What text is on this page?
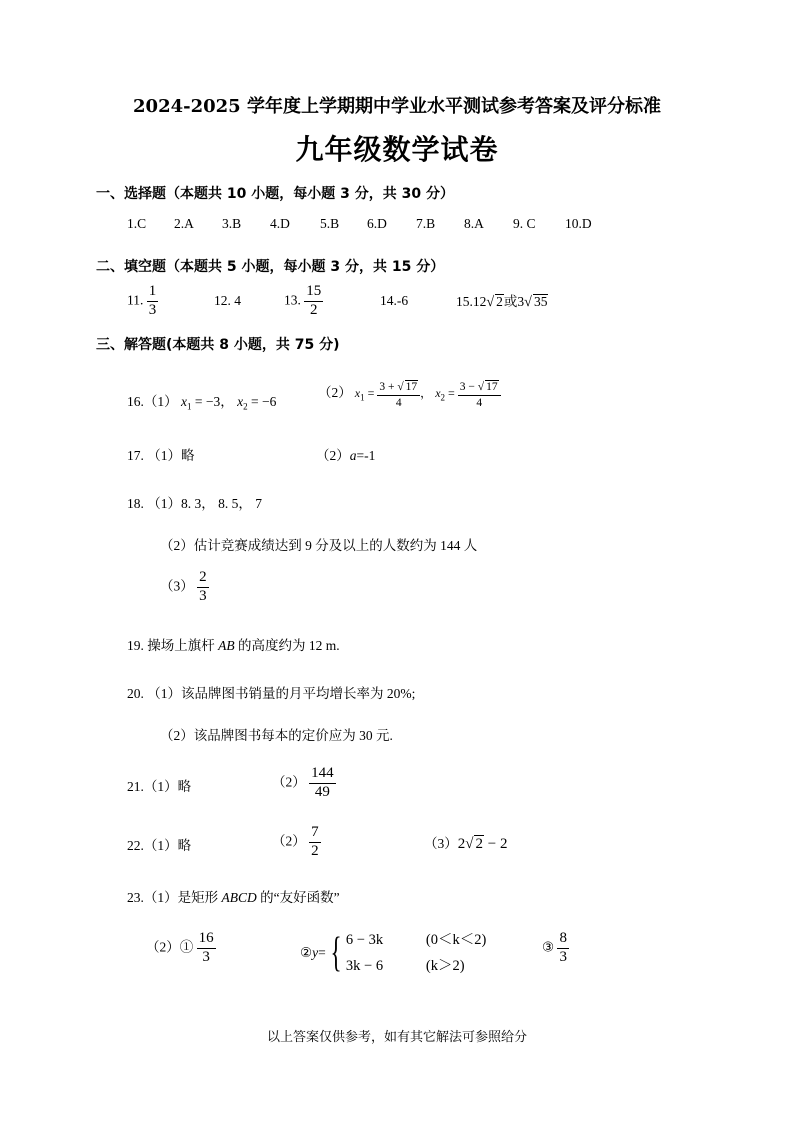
2024-2025 学年度上学期期中学业水平测试参考答案及评分标准
九年级数学试卷
一、选择题（本题共 10 小题，每小题 3 分，共 30 分）
1.C 2.A 3.B 4.D 5.B 6.D 7.B 8.A 9. C 10.D
二、填空题（本题共 5 小题，每小题 3 分，共 15 分）
11. $\frac{1}{3}$	12. 4	13. $\frac{15}{2}$	14.-6	15.12√ 2或3√ 35
三、解答题(本题共 8 小题，共 75 分)
16.（1） $x_1 = -3$， $x_2 = -6$
（2） $x_1 = \frac{3 + √ 17}{4}$ ， $x_2 = \frac{3 - √ 17}{4}$
17. （1）略	（2）a=-1
18. （1）8. 3， 8. 5， 7
（2）估计竞赛成绩达到 9 分及以上的人数约为 144 人
$(3) \frac{2}{3}$
19. 操场上旗杆 AB 的高度约为 12 m.
20. （1）该品牌图书销量的月平均增长率为 20%;
（2）该品牌图书每本的定价应为 30 元.
21.（1）略	$(2) \frac{144}{49}$
22.（1）略	$(2) \frac{7}{2}$	（3）2√ 2 − 2
23.（1）是矩形 ABCD 的“友好函数”
（2）① $\frac{16}{3}$	② y = { 6 − 3k	(0＜k＜2)
3k − 6	(k＞2)
③ $\frac{8}{3}$
以上答案仅供参考，如有其它解法可参照给分
